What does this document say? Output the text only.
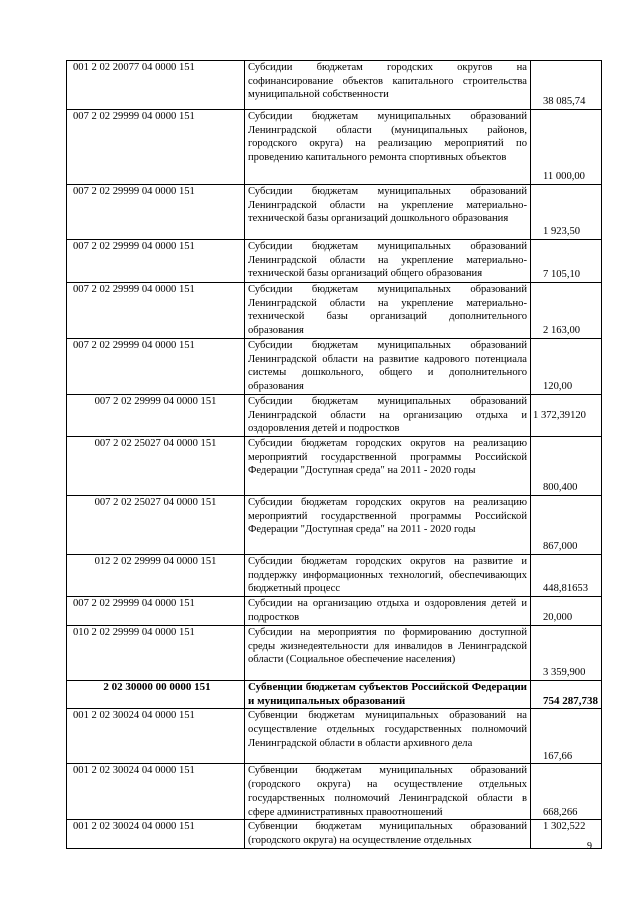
001 2 02 20077 04 0000 151	Субсидии бюджетам городских округов на софинансирование объектов капитального строительства муниципальной собственности	38 085,74
007 2 02 29999 04 0000 151	Субсидии бюджетам муниципальных образований Ленинградской области (муниципальных районов, городского округа) на реализацию мероприятий по проведению капитального ремонта спортивных объектов	11 000,00
007 2 02 29999 04 0000 151	Субсидии бюджетам муниципальных образований Ленинградской области на укрепление материально-технической базы организаций дошкольного образования	1 923,50
007 2 02 29999 04 0000 151	Субсидии бюджетам муниципальных образований Ленинградской области на укрепление материально-технической базы организаций общего образования	7 105,10
007 2 02 29999 04 0000 151	Субсидии бюджетам муниципальных образований Ленинградской области на укрепление материально-технической базы организаций дополнительного образования	2 163,00
007 2 02 29999 04 0000 151	Субсидии бюджетам муниципальных образований Ленинградской области на развитие кадрового потенциала системы дошкольного, общего и дополнительного образования	120,00
007 2 02 29999 04 0000 151	Субсидии бюджетам муниципальных образований Ленинградской области на организацию отдыха и оздоровления детей и подростков	1 372,39120
007 2 02 25027 04 0000 151	Субсидии бюджетам городских округов на реализацию мероприятий государственной программы Российской Федерации "Доступная среда" на 2011 - 2020 годы	800,400
007 2 02 25027 04 0000 151	Субсидии бюджетам городских округов на реализацию мероприятий государственной программы Российской Федерации "Доступная среда" на 2011 - 2020 годы	867,000
012 2 02 29999 04 0000 151	Субсидии бюджетам городских округов на развитие и поддержку информационных технологий, обеспечивающих бюджетный процесс	448,81653
007 2 02 29999 04 0000 151	Субсидии на организацию отдыха и оздоровления детей и подростков	20,000
010 2 02 29999 04 0000 151	Субсидии на мероприятия по формированию доступной среды жизнедеятельности для инвалидов в Ленинградской области (Социальное обеспечение населения)	3 359,900
2 02 30000 00 0000 151	Субвенции бюджетам субъектов Российской Федерации и муниципальных образований	754 287,738
001 2 02 30024 04 0000 151	Субвенции бюджетам муниципальных образований на осуществление отдельных государственных полномочий Ленинградской области в области архивного дела	167,66
001 2 02 30024 04 0000 151	Субвенции бюджетам муниципальных образований (городского округа) на осуществление отдельных государственных полномочий Ленинградской области в сфере административных правоотношений	668,266
001 2 02 30024 04 0000 151	Субвенции бюджетам муниципальных образований (городского округа) на осуществление отдельных	1 302,522
9
